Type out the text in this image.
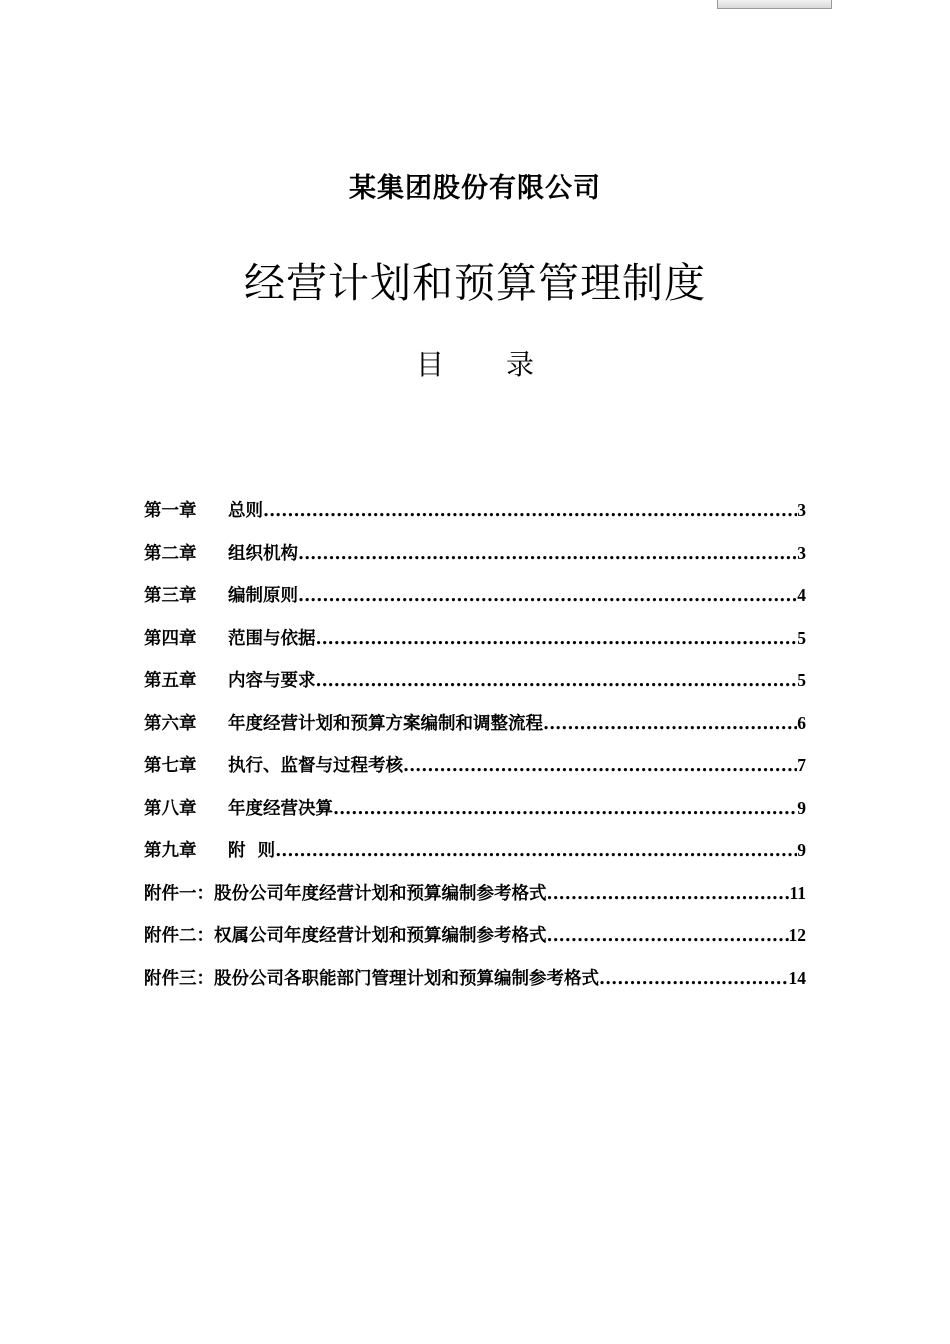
某集团股份有限公司
经营计划和预算管理制度
目 录
第一章	总则 .....	3
第二章	组织机构 .....	3
第三章	编制原则 .....	4
第四章	范围与依据 .....	5
第五章	内容与要求 .....	5
第六章	年度经营计划和预算方案编制和调整流程 .....	6
第七章	执行、监督与过程考核 .....	7
第八章	年度经营决算 .....	9
第九章	附  则 .....	9
附件一：股份公司年度经营计划和预算编制参考格式 .....	11
附件二：权属公司年度经营计划和预算编制参考格式 .....	12
附件三：股份公司各职能部门管理计划和预算编制参考格式 .....	14
